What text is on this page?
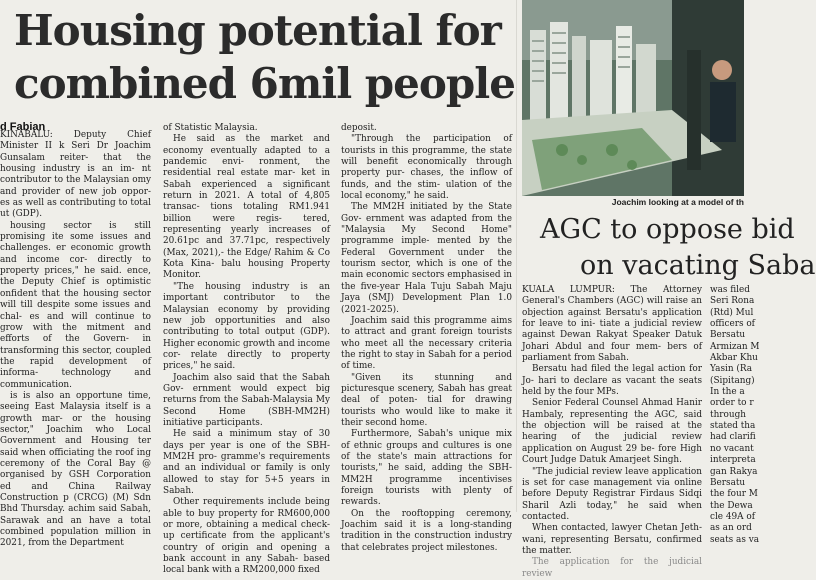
Housing potential for
combined 6mil people
d Fabian

KINABALU: Deputy Chief Minister II k Seri Dr Joachim Gunsalam reiter- that the housing industry is an im- nt contributor to the Malaysian omy and provider of new job oppor- es as well as contributing to total ut (GDP).

housing sector is still promising ite some issues and challenges. er economic growth and income cor- directly to property prices," he said. ence, the Deputy Chief is optimistic onfident that the housing sector will till despite some issues and chal- es and will continue to grow with the mitment and efforts of the Govern- in transforming this sector, coupled the rapid development of informa- technology and communication.

is is also an opportune time, seeing East Malaysia itself is a growth mar- or the housing sector," Joachim who Local Government and Housing ter said when officiating the roof ing ceremony of the Coral Bay @ organised by GSH Corporation ed and China Railway Construction p (CRCG) (M) Sdn Bhd Thursday. achim said Sabah, Sarawak and an have a total combined population million in 2021, from the Department

of Statistic Malaysia.

He said as the market and economy eventually adapted to a pandemic envi- ronment, the residential real estate mar- ket in Sabah experienced a significant return in 2021. A total of 4,805 transac- tions totaling RM1.941 billion were regis- tered, representing yearly increases of 20.61pc and 37.71pc, respectively (Max, 2021),- the Edge/ Rahim & Co Kota Kina- balu housing Property Monitor.

"The housing industry is an important contributor to the Malaysian economy by providing new job opportunities and also contributing to total output (GDP). Higher economic growth and income cor- relate directly to property prices," he said.

Joachim also said that the Sabah Gov- ernment would expect big returns from the Sabah-Malaysia My Second Home (SBH-MM2H) initiative participants.

He said a minimum stay of 30 days per year is one of the SBH-MM2H pro- gramme's requirements and an individual or family is only allowed to stay for 5+5 years in Sabah.

Other requirements include being able to buy property for RM600,000 or more, obtaining a medical check-up certificate from the applicant's country of origin and opening a bank account in any Sabah- based local bank with a RM200,000 fixed

deposit.

"Through the participation of tourists in this programme, the state will benefit economically through property pur- chases, the inflow of funds, and the stim- ulation of the local economy," he said.

The MM2H initiated by the State Gov- ernment was adapted from the "Malaysia My Second Home" programme imple- mented by the Federal Government under the tourism sector, which is one of the main economic sectors emphasised in the five-year Hala Tuju Sabah Maju Jaya (SMJ) Development Plan 1.0 (2021-2025).

Joachim said this programme aims to attract and grant foreign tourists who meet all the necessary criteria the right to stay in Sabah for a period of time.

"Given its stunning and picturesque scenery, Sabah has great deal of poten- tial for drawing tourists who would like to make it their second home.

Furthermore, Sabah's unique mix of ethnic groups and cultures is one of the state's main attractions for tourists," he said, adding the SBH-MM2H programme incentivises foreign tourists with plenty of rewards.

On the rooftopping ceremony, Joachim said it is a long-standing tradition in the construction industry that celebrates project milestones.

Joachim looking at a model of th
AGC to oppose bid
on vacating Saba

KUALA LUMPUR: The Attorney General's Chambers (AGC) will raise an objection against Bersatu's application for leave to ini- tiate a judicial review against Dewan Rakyat Speaker Datuk Johari Abdul and four mem- bers of parliament from Sabah.

Bersatu had filed the legal action for Jo- hari to declare as vacant the seats held by the four MPs.

Senior Federal Counsel Ahmad Hanir Hambaly, representing the AGC, said the objection will be raised at the hearing of the judicial review application on August 29 be- fore High Court Judge Datuk Amarjeet Singh.

"The judicial review leave application is set for case management via online before Deputy Registrar Firdaus Sidqi Sharil Azli today," he said when contacted.

When contacted, lawyer Chetan Jeth- wani, representing Bersatu, confirmed the matter.

The application for the judicial review

was filed

Seri Rona

(Rtd) Mul

officers of

Bersatu

Armizan M

Akbar Khu

Yasin (Ra

(Sipitang)

In the a

order to r

through

stated tha

had clarifi

no vacant

interpreta

gan Rakya

Bersatu

the four M

the Dewa

cle 49A of

as an ord

seats as va
